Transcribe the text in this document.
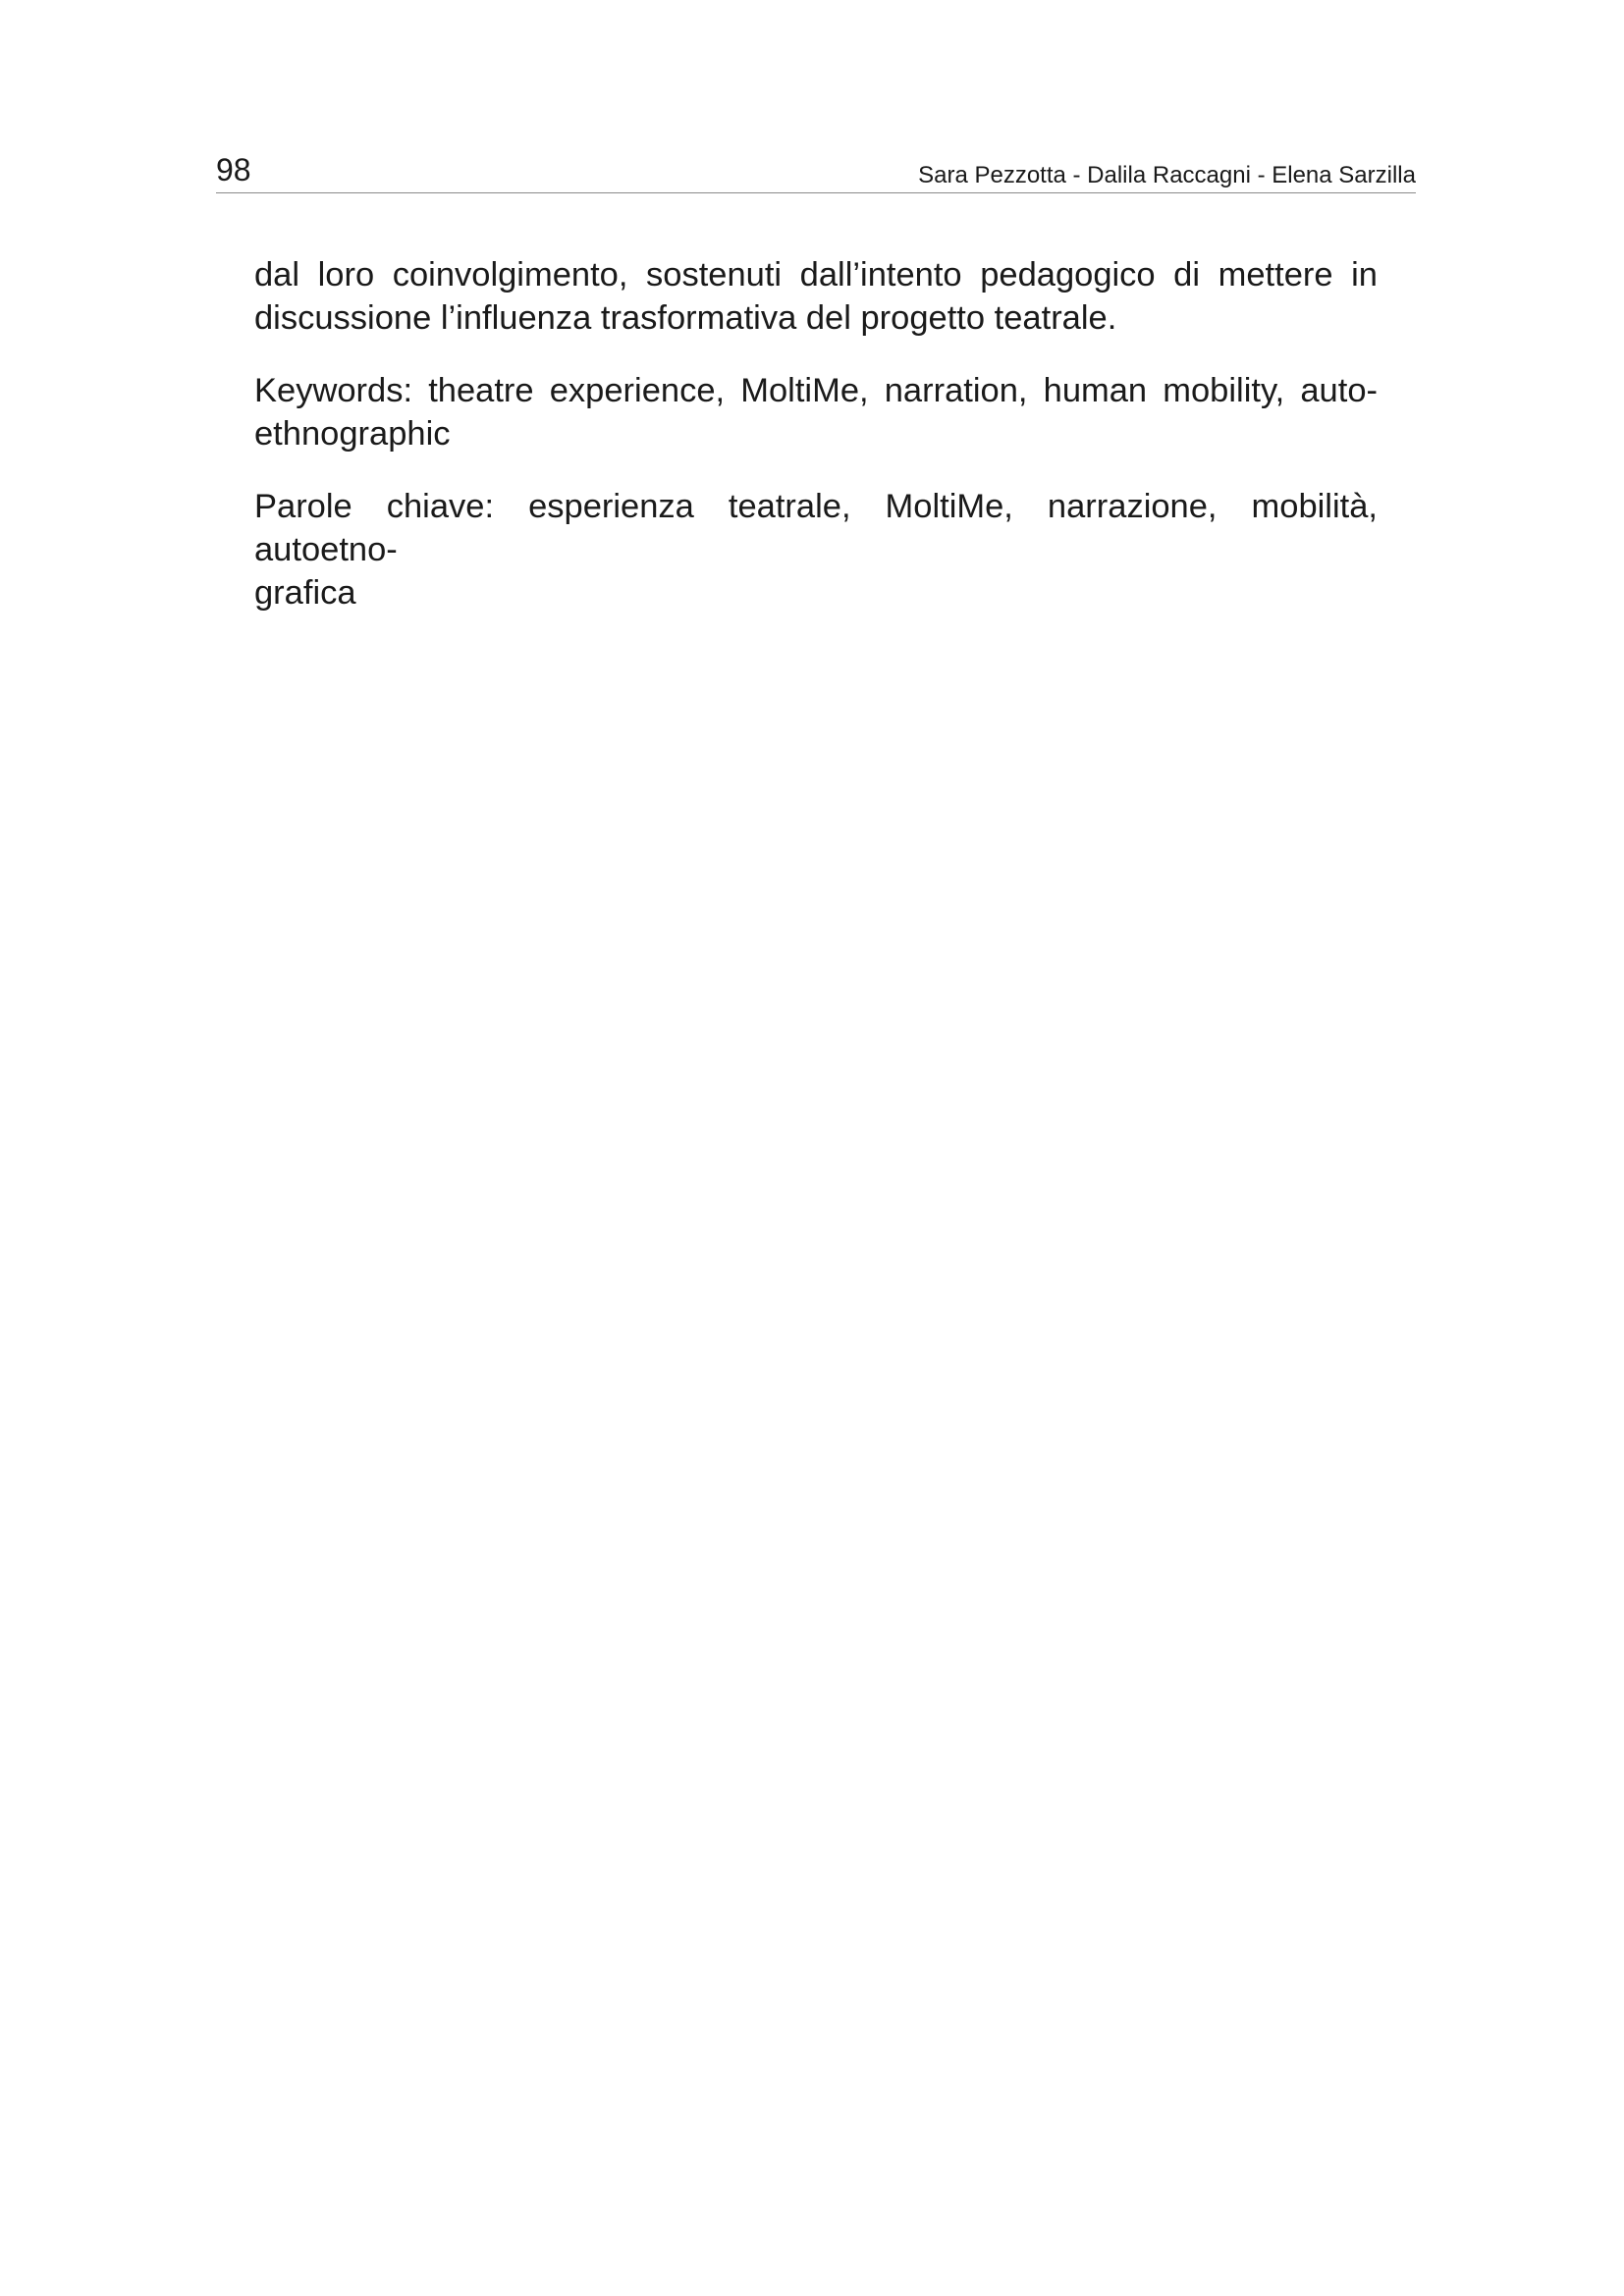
98	Sara Pezzotta - Dalila Raccagni - Elena Sarzilla

dal loro coinvolgimento, sostenuti dall’intento pedagogico di mettere in
discussione l’influenza trasformativa del progetto teatrale.

Keywords: theatre experience, MoltiMe, narration, human mobility, auto-
ethnographic

Parole chiave: esperienza teatrale, MoltiMe, narrazione, mobilità, autoetno-
grafica
